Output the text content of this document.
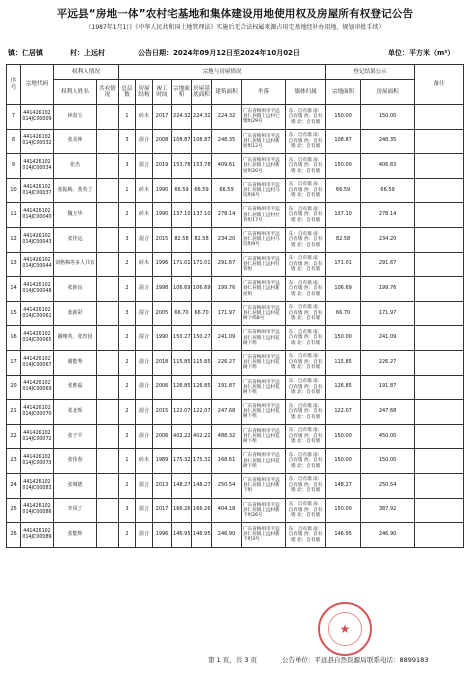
平远县“房地一体”农村宅基地和集体建设用地使用权及房屋所有权登记公告
（1987年1月1日《中华人民共和国土地管理法》实施后无合法权属来源占用宅基地经补办用地、规划审批手续）
镇：仁居镇	村：上远村	公告日期：2024年09月12日至2024年10月02日	单位：平方米（m²）
序号	宗地代码	权利人情况		宗地与房屋情况								登记结果公示		备注
		权利人姓名	共有情况	总层数	房屋结构	竣工时间	宗地面积	房屋基底面积	建筑面积	坐落	墙体归属	宗地面积	房屋面积	
7	441426102014JC00009	林春玉		1	砖木	2017	224.32	224.32	224.32	广东省梅州市平远县仁居镇上远村七墩组29号	东：自有墙 南：自有墙 西：自有墙 北：自有墙	150.00	150.00	
8	441426102014JC00032	张美坤		3	混合	2008	108.87	108.87	248.35	广东省梅州市平远县仁居镇上远村新屋组12号	东：自有墙 南：自有墙 西：自有墙 北：自有墙	108.87	248.35	
9	441426102014JC00034	张杰		3	混合	2019	153.78	153.78	409.61	广东省梅州市平远县仁居镇上远村新屋组20号	东：自有墙 南：自有墙 西：自有墙 北：自有墙	150.00	406.83	
10	441426102014JC00037	张振梅、张英丁		1	砖木	1990	66.59	66.59	66.59	广东省梅州市平远县仁居镇上远村马坑组6号	东：自有墙 南：自有墙 西：自有墙 北：自有墙	66.59	66.59	
11	441426102014JC00040	魏玉华		2	砖木	1990	137.10	137.10	278.14	广东省梅州市平远县仁居镇上远村社背组17号	东：自有墙 南：自有墙 西：自有墙 北：自有墙	137.10	278.14	
12	441426102014JC00043	张佳远		3	混合	2015	82.58	82.58	234.20	广东省梅州市平远县仁居镇上远村马坑组9号	东：自有墙 南：自有墙 西：自有墙 北：自有墙	82.58	234.20	
13	441426102014JC00044	刘格梅等多人共有		2	砖木	1996	171.01	171.01	291.67	广东省梅州市平远县仁居镇上远村社背组	东：自有墙 南：自有墙 西：自有墙 北：自有墙	171.01	291.67	
14	441426102014JC00048	张新良		2	混合	1998	106.69	106.69	199.76	广东省梅州市平远县仁居镇上远村新屋组	东：自有墙 南：自有墙 西：自有墙 北：自有墙	106.69	199.76	
15	441426102014JC00061	张新彩		3	混合	2005	66.70	66.70	171.97	广东省梅州市平远县仁居镇上远村花树下组8号	东：自有墙 南：自有墙 西：自有墙 北：自有墙	66.70	171.97	
16	441426102014JC00065	谢赌英、张育因		2	混合	1990	150.27	150.27	241.09	广东省梅州市平远县仁居镇上远村花树下组	东：自有墙 南：自有墙 西：自有墙 北：自有墙	150.00	241.09	
17	441426102014JC00067	谢能秀		2	混合	2018	115.85	115.85	226.27	广东省梅州市平远县仁居镇上远村花树下组	东：自有墙 南：自有墙 西：自有墙 北：自有墙	115.85	226.27	
20	441426102014JC00069	张胜福		2	混合	2006	126.85	126.85	191.87	广东省梅州市平远县仁居镇上远村花树下组	东：自有墙 南：自有墙 西：自有墙 北：自有墙	126.85	191.87	
21	441426102014JC00070	张北辉		2	混合	2015	122.07	122.07	247.68	广东省梅州市平远县仁居镇上远村花树下组	东：自有墙 南：自有墙 西：自有墙 北：自有墙	122.07	247.68	
22	441426102014JC00072	张子平		2	混合	2006	402.22	402.22	488.32	广东省梅州市平远县仁居镇上远村花树下组	东：自有墙 南：自有墙 西：自有墙 北：自有墙	150.00	450.00	
23	441426102014JC00073	张伟春		1	砖木	1989	175.32	175.32	168.61	广东省梅州市平远县仁居镇上远村花树下组	东：自有墙 南：自有墙 西：自有墙 北：自有墙	150.00	150.00	
24	441426102014JC00083	张城德		2	混合	2013	148.27	148.27	250.54	广东省梅州市平远县仁居镇上远村新下组	东：自有墙 南：自有墙 西：自有墙 北：自有墙	148.27	250.54	
25	441426102014JC00086	李凤丁		3	混合	2017	166.26	166.26	404.18	广东省梅州市平远县仁居镇上远村新下组26号	东：自有墙 南：自有墙 西：自有墙 北：自有墙	150.00	387.92	
26	441426102014JC00089	张能辉		2	混合	1996	146.95	146.95	246.90	广东省梅州市平远县仁居镇上远村新下组3号	东：自有墙 南：自有墙 西：自有墙 北：自有墙	146.95	246.90	
★
第 1 页，共 3 页	公告单位：平远县自然资源局 联系电话：8899183
